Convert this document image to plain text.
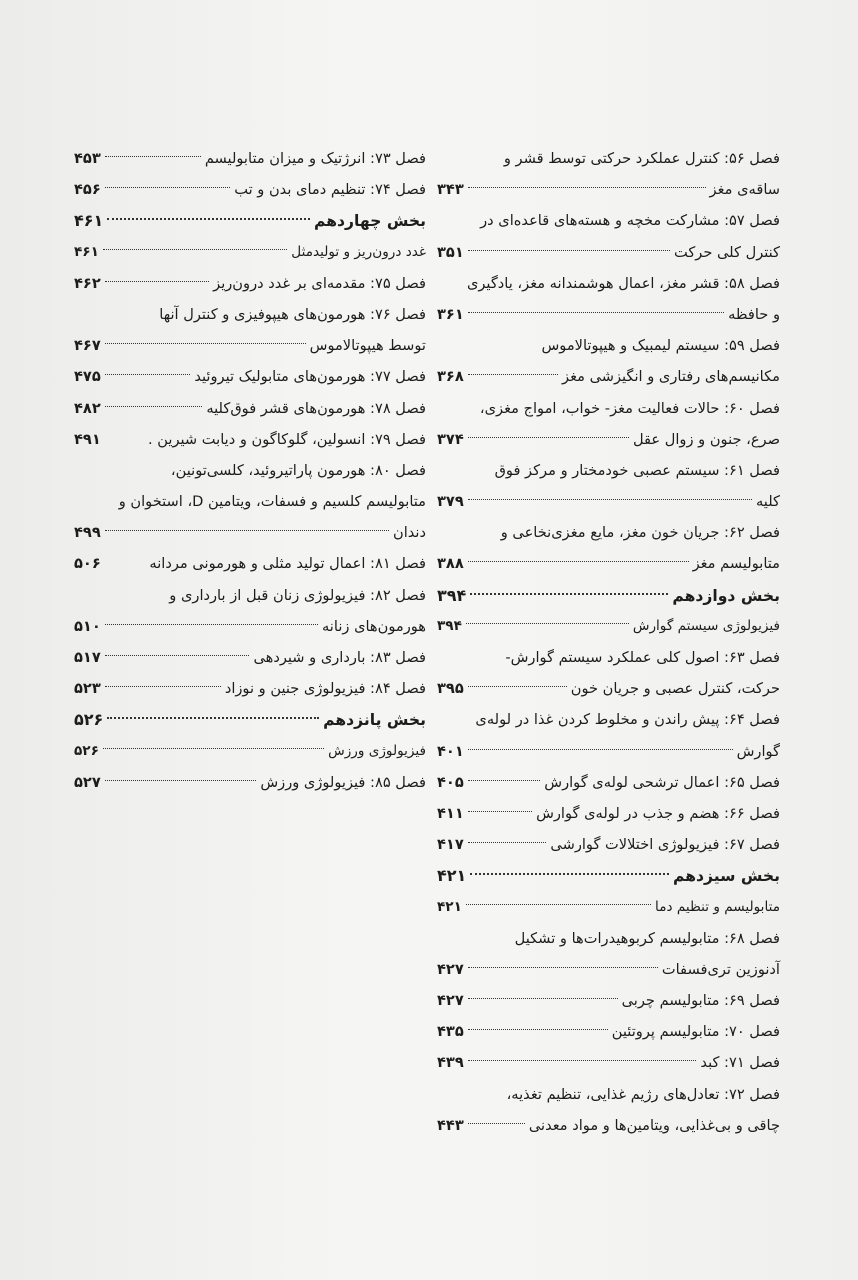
فصل ۵۶: کنترل عملکرد حرکتی توسط قشر و
ساقه‌ی مغز
۳۴۳
فصل ۵۷: مشارکت مخچه و هسته‌های قاعده‌ای در
کنترل کلی حرکت
۳۵۱
فصل ۵۸: قشر مغز، اعمال هوشمندانه مغز، یادگیری
و حافظه
۳۶۱
فصل ۵۹: سیستم لیمبیک و هیپوتالاموس
مکانیسم‌های رفتاری و انگیزشی مغز
۳۶۸
فصل ۶۰: حالات فعالیت مغز- خواب، امواج مغزی،
صرع، جنون و زوال عقل
۳۷۴
فصل ۶۱: سیستم عصبی خودمختار و مرکز فوق
کلیه
۳۷۹
فصل ۶۲: جریان خون مغز، مایع مغزی‌نخاعی و
متابولیسم مغز
۳۸۸
بخش دوازدهم
۳۹۴
فیزیولوژی سیستم گوارش
۳۹۴
فصل ۶۳: اصول کلی عملکرد سیستم گوارش-
حرکت، کنترل عصبی و جریان خون
۳۹۵
فصل ۶۴: پیش راندن و مخلوط کردن غذا در لوله‌ی
گوارش
۴۰۱
فصل ۶۵: اعمال ترشحی لوله‌ی گوارش
۴۰۵
فصل ۶۶: هضم و جذب در لوله‌ی گوارش
۴۱۱
فصل ۶۷: فیزیولوژی اختلالات گوارشی
۴۱۷
بخش سیزدهم
۴۲۱
متابولیسم و تنظیم دما
۴۲۱
فصل ۶۸: متابولیسم کربوهیدرات‌ها و تشکیل
آدنوزین تری‌فسفات
۴۲۷
فصل ۶۹: متابولیسم چربی
۴۲۷
فصل ۷۰: متابولیسم پروتئین
۴۳۵
فصل ۷۱: کبد
۴۳۹
فصل ۷۲: تعادل‌های رژیم غذایی، تنظیم تغذیه،
چاقی و بی‌غذایی، ویتامین‌ها و مواد معدنی
۴۴۳
فصل ۷۳: انرژتیک و میزان متابولیسم
۴۵۳
فصل ۷۴: تنظیم دمای بدن و تب
۴۵۶
بخش چهاردهم
۴۶۱
غدد درون‌ریز و تولیدمثل
۴۶۱
فصل ۷۵: مقدمه‌ای بر غدد درون‌ریز
۴۶۲
فصل ۷۶: هورمون‌های هیپوفیزی و کنترل آنها
توسط هیپوتالاموس
۴۶۷
فصل ۷۷: هورمون‌های متابولیک تیروئید
۴۷۵
فصل ۷۸: هورمون‌های قشر فوق‌کلیه
۴۸۲
فصل ۷۹: انسولین، گلوکاگون و دیابت شیرین .
۴۹۱
فصل ۸۰: هورمون پاراتیروئید، کلسی‌تونین،
متابولیسم کلسیم و فسفات، ویتامین D، استخوان و
دندان
۴۹۹
فصل ۸۱: اعمال تولید مثلی و هورمونی مردانه
۵۰۶
فصل ۸۲: فیزیولوژی زنان قبل از بارداری و
هورمون‌های زنانه
۵۱۰
فصل ۸۳: بارداری و شیردهی
۵۱۷
فصل ۸۴: فیزیولوژی جنین و نوزاد
۵۲۳
بخش پانزدهم
۵۲۶
فیزیولوژی ورزش
۵۲۶
فصل ۸۵: فیزیولوژی ورزش
۵۲۷
